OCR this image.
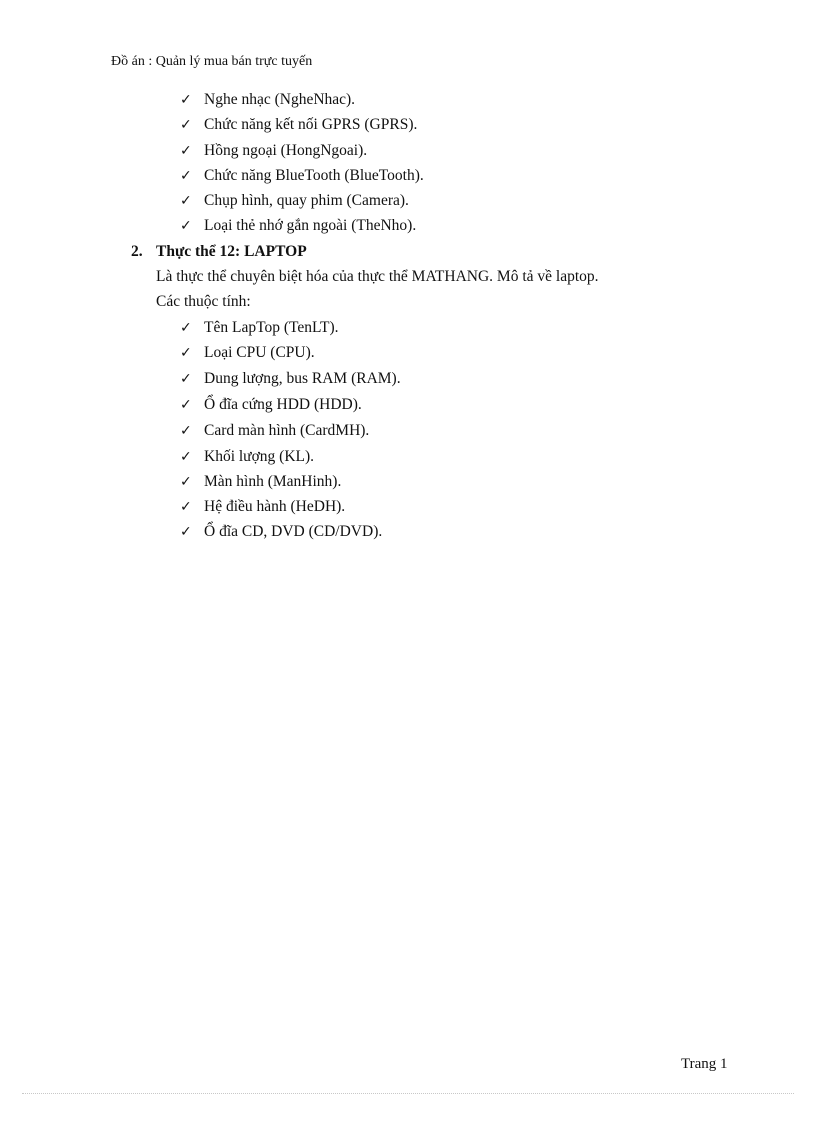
Đồ án : Quản lý mua bán trực tuyến
✓ Nghe nhạc (NgheNhac).
✓ Chức năng kết nối GPRS (GPRS).
✓ Hồng ngoại (HongNgoai).
✓ Chức năng BlueTooth (BlueTooth).
✓ Chụp hình, quay phim (Camera).
✓ Loại thẻ nhớ gắn ngoài (TheNho).
2. Thực thể 12: LAPTOP
Là thực thể chuyên biệt hóa của thực thể MATHANG. Mô tả về laptop.
Các thuộc tính:
✓ Tên LapTop (TenLT).
✓ Loại CPU (CPU).
✓ Dung lượng, bus RAM (RAM).
✓ Ổ đĩa cứng HDD (HDD).
✓ Card màn hình (CardMH).
✓ Khối lượng (KL).
✓ Màn hình (ManHinh).
✓ Hệ điều hành (HeDH).
✓ Ổ đĩa CD, DVD (CD/DVD).
Trang 1
